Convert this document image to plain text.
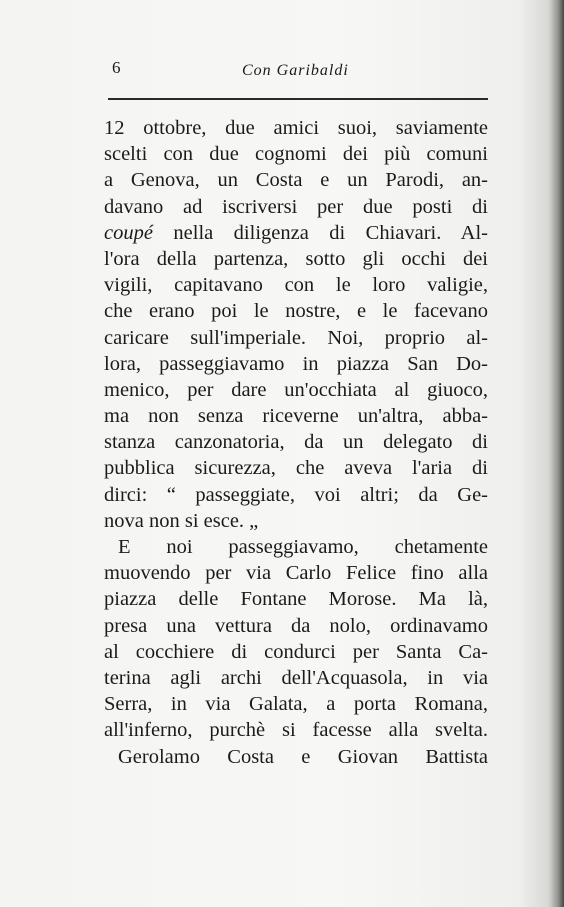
6	Con Garibaldi
12 ottobre, due amici suoi, saviamente
scelti con due cognomi dei più comuni
a Genova, un Costa e un Parodi, an-
davano ad iscriversi per due posti di
coupé nella diligenza di Chiavari. Al-
l'ora della partenza, sotto gli occhi dei
vigili, capitavano con le loro valigie,
che erano poi le nostre, e le facevano
caricare sull'imperiale. Noi, proprio al-
lora, passeggiavamo in piazza San Do-
menico, per dare un'occhiata al giuoco,
ma non senza riceverne un'altra, abba-
stanza canzonatoria, da un delegato di
pubblica sicurezza, che aveva l'aria di
dirci: “ passeggiate, voi altri; da Ge-
nova non si esce. „
E noi passeggiavamo, chetamente
muovendo per via Carlo Felice fino alla
piazza delle Fontane Morose. Ma là,
presa una vettura da nolo, ordinavamo
al cocchiere di condurci per Santa Ca-
terina agli archi dell'Acquasola, in via
Serra, in via Galata, a porta Romana,
all'inferno, purchè si facesse alla svelta.
Gerolamo Costa e Giovan Battista
